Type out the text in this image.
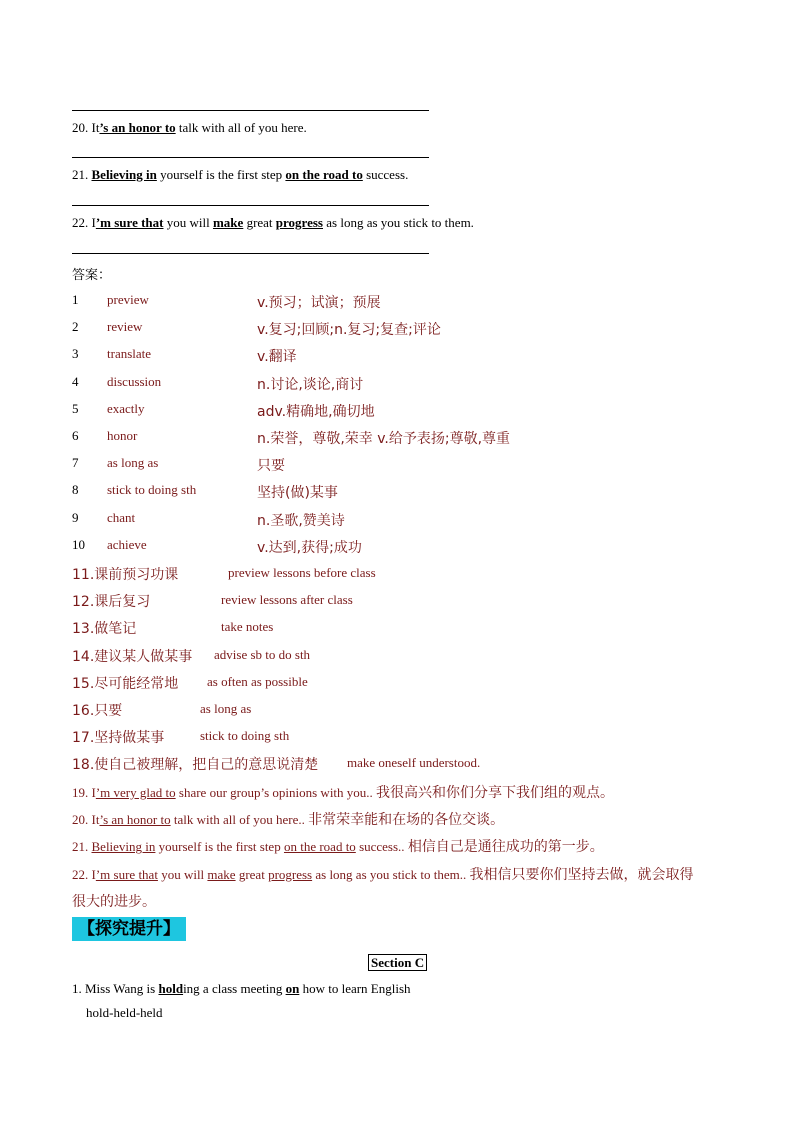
20. It’s an honor to talk with all of you here.
21. Believing in yourself is the first step on the road to success.
22. I’m sure that you will make great progress as long as you stick to them.
答案：
1 preview	v.预习；试演；预展
2 review	v.复习;回顾;n.复习;复查;评论
3 translate	v.翻译
4 discussion	n.讨论,谈论,商讨
5 exactly	adv.精确地,确切地
6 honor	n.荣誉，尊敬,荣幸 v.给予表扬;尊敬,尊重
7 as long as	只要
8 stick to doing sth	坚持(做)某事
9 chant	n.圣歌,赞美诗
10 achieve	v.达到,获得;成功
11.课前预习功课	preview lessons before class
12.课后复习	review lessons after class
13.做笔记	take notes
14.建议某人做某事 advise sb to do sth
15.尽可能经常地 as often as possible
16.只要	as long as
17.坚持做某事	stick to doing sth
18.使自己被理解，把自己的意思说清楚 make oneself understood.
19. I’m very glad to share our group’s opinions with you.. 我很高兴和你们分享下我们组的观点。
20. It’s an honor to talk with all of you here.. 非常荣幸能和在场的各位交谈。
21. Believing in yourself is the first step on the road to success.. 相信自己是通往成功的第一步。
22. I’m sure that you will make great progress as long as you stick to them.. 我相信只要你们坚持去做，就会取得
很大的进步。
【探究提升】
Section C
1. Miss Wang is holding a class meeting on how to learn English
hold-held-held
